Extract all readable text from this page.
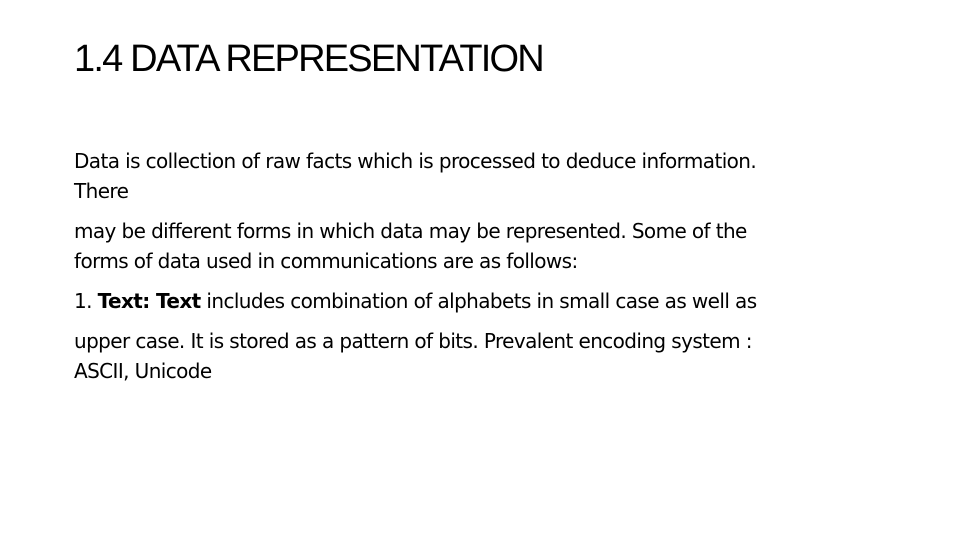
1.4 DATA REPRESENTATION

Data is collection of raw facts which is processed to deduce information.
There

may be different forms in which data may be represented. Some of the
forms of data used in communications are as follows:

1. Text: Text includes combination of alphabets in small case as well as

upper case. It is stored as a pattern of bits. Prevalent encoding system :
ASCII, Unicode
